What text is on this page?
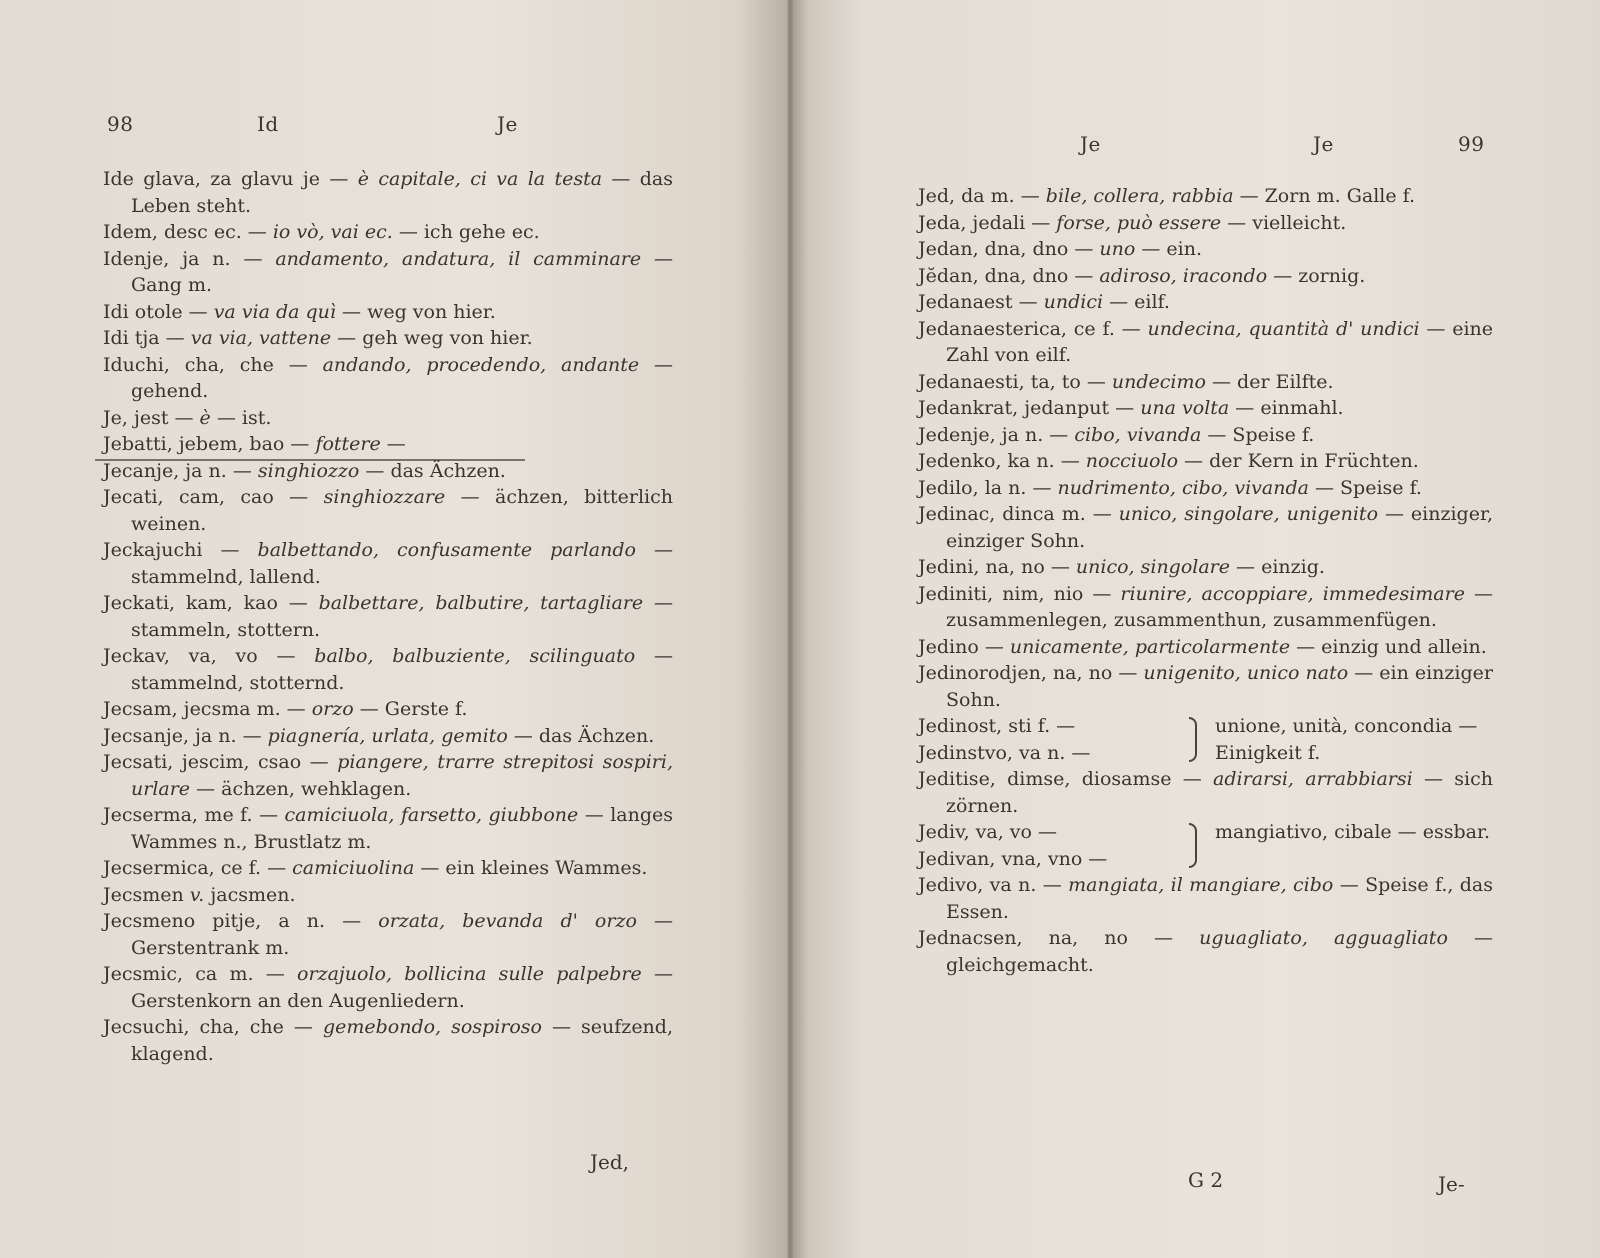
98	Id	Je

Ide glava, za glavu je — è capitale, ci va la testa — das Leben steht.

Idem, desc ec. — io vò, vai ec. — ich gehe ec.

Idenje, ja n. — andamento, andatura, il camminare — Gang m.

Idi otole — va via da quì — weg von hier.

Idi tja — va via, vattene — geh weg von hier.

Iduchi, cha, che — andando, procedendo, andante — gehend.

Je, jest — è — ist.

Jebatti, jebem, bao — fottere —

Jecanje, ja n. — singhiozzo — das Ächzen.

Jecati, cam, cao — singhiozzare — ächzen, bitterlich weinen.

Jeckajuchi — balbettando, confusamente parlando — stammelnd, lallend.

Jeckati, kam, kao — balbettare, balbutire, tartagliare — stammeln, stottern.

Jeckav, va, vo — balbo, balbuziente, scilinguato — stammelnd, stotternd.

Jecsam, jecsma m. — orzo — Gerste f.

Jecsanje, ja n. — piagnería, urlata, gemito — das Ächzen.

Jecsati, jescim, csao — piangere, trarre strepitosi sospiri, urlare — ächzen, wehklagen.

Jecserma, me f. — camiciuola, farsetto, giubbone — langes Wammes n., Brustlatz m.

Jecsermica, ce f. — camiciuolina — ein kleines Wammes.

Jecsmen v. jacsmen.

Jecsmeno pitje, a n. — orzata, bevanda d' orzo — Gerstentrank m.

Jecsmic, ca m. — orzajuolo, bollicina sulle palpebre — Gerstenkorn an den Augenliedern.

Jecsuchi, cha, che — gemebondo, sospiroso — seufzend, klagend.

Jed,
Je	Je	99

Jed, da m. — bile, collera, rabbia — Zorn m. Galle f.

Jeda, jedali — forse, può essere — vielleicht.

Jedan, dna, dno — uno — ein.

Jĕdan, dna, dno — adiroso, iracondo — zornig.

Jedanaest — undici — eilf.

Jedanaesterica, ce f. — undecina, quantità d' undici — eine Zahl von eilf.

Jedanaesti, ta, to — undecimo — der Eilfte.

Jedankrat, jedanput — una volta — einmahl.

Jedenje, ja n. — cibo, vivanda — Speise f.

Jedenko, ka n. — nocciuolo — der Kern in Früchten.

Jedilo, la n. — nudrimento, cibo, vivanda — Speise f.

Jedinac, dinca m. — unico, singolare, unigenito — einziger, einziger Sohn.

Jedini, na, no — unico, singolare — einzig.

Jediniti, nim, nio — riunire, accoppiare, immedesimare — zusammenlegen, zusammenthun, zusammenfügen.

Jedino — unicamente, particolarmente — einzig und allein.

Jedinorodjen, na, no — unigenito, unico nato — ein einziger Sohn.

Jedinost, sti f. —

Jedinstvo, va n. —

unione, unità, concondia — Einigkeit f.

Jeditise, dimse, diosamse — adirarsi, arrabbiarsi — sich zörnen.

Jediv, va, vo —

Jedivan, vna, vno —

mangiativo, cibale — essbar.

Jedivo, va n. — mangiata, il mangiare, cibo — Speise f., das Essen.

Jednacsen, na, no — uguagliato, agguagliato — gleichgemacht.

G 2	Je-
